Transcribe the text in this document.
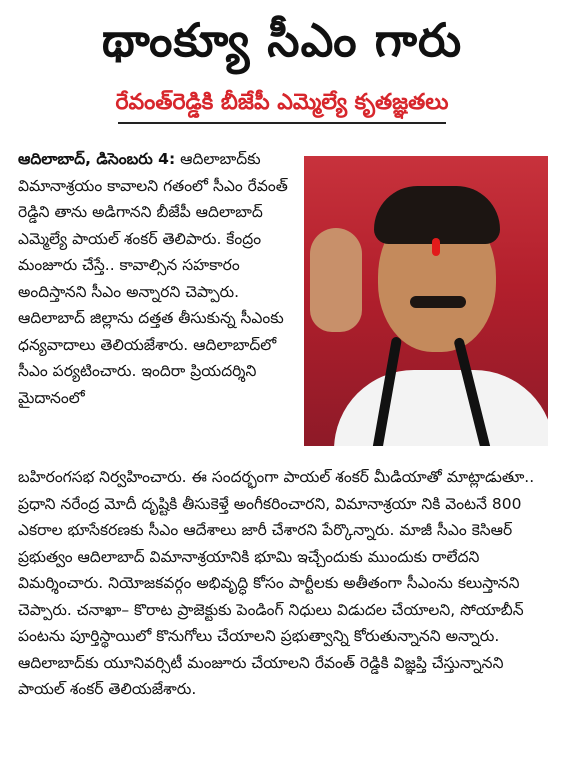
థాంక్యూ సీఎం గారు
రేవంత్‌రెడ్డికి బీజేపీ ఎమ్మెల్యే కృతజ్ఞతలు
ఆదిలాబాద్‌, డిసెంబరు 4: ఆదిలాబాద్‌కు విమానాశ్రయం కావాలని గతంలో సీఎం రేవంత్‌ రెడ్డిని తాను అడిగానని బీజేపీ ఆదిలాబాద్‌ ఎమ్మెల్యే పాయల్‌ శంకర్‌ తెలిపారు. కేంద్రం మంజూరు చేస్తే.. కావాల్సిన సహకారం అందిస్తానని సీఎం అన్నారని చెప్పారు. ఆదిలాబాద్‌ జిల్లాను దత్తత తీసుకున్న సీఎంకు ధన్యవాదాలు తెలియజేశారు. ఆదిలాబాద్‌లో సీఎం పర్యటించారు. ఇందిరా ప్రియదర్శిని మైదానంలో
బహిరంగసభ నిర్వహించారు. ఈ సందర్భంగా పాయల్‌ శంకర్‌ మీడియాతో మాట్లాడుతూ.. ప్రధాని నరేంద్ర మోదీ దృష్టికి తీసుకెళ్తే అంగీకరించారని, విమానాశ్రయా నికి వెంటనే 800 ఎకరాల భూసేకరణకు సీఎం ఆదేశాలు జారీ చేశారని పేర్కొన్నారు. మాజీ సీఎం కెసిఆర్‌ ప్రభుత్వం ఆదిలాబాద్‌ విమానాశ్రయానికి భూమి ఇచ్చేందుకు ముందుకు రాలేదని విమర్శించారు. నియోజకవర్గం అభివృద్ధి కోసం పార్టీలకు అతీతంగా సీఎంను కలుస్తానని చెప్పారు. చనాఖా– కొరాట ప్రాజెక్టుకు పెండింగ్‌ నిధులు విడుదల చేయాలని, సోయాబీన్‌ పంటను పూర్తిస్థాయిలో కొనుగోలు చేయాలని ప్రభుత్వాన్ని కోరుతున్నానని అన్నారు. ఆదిలాబాద్‌కు యూనివర్సిటీ మంజూరు చేయాలని రేవంత్‌ రెడ్డికి విజ్ఞప్తి చేస్తున్నానని పాయల్‌ శంకర్‌ తెలియజేశారు.
